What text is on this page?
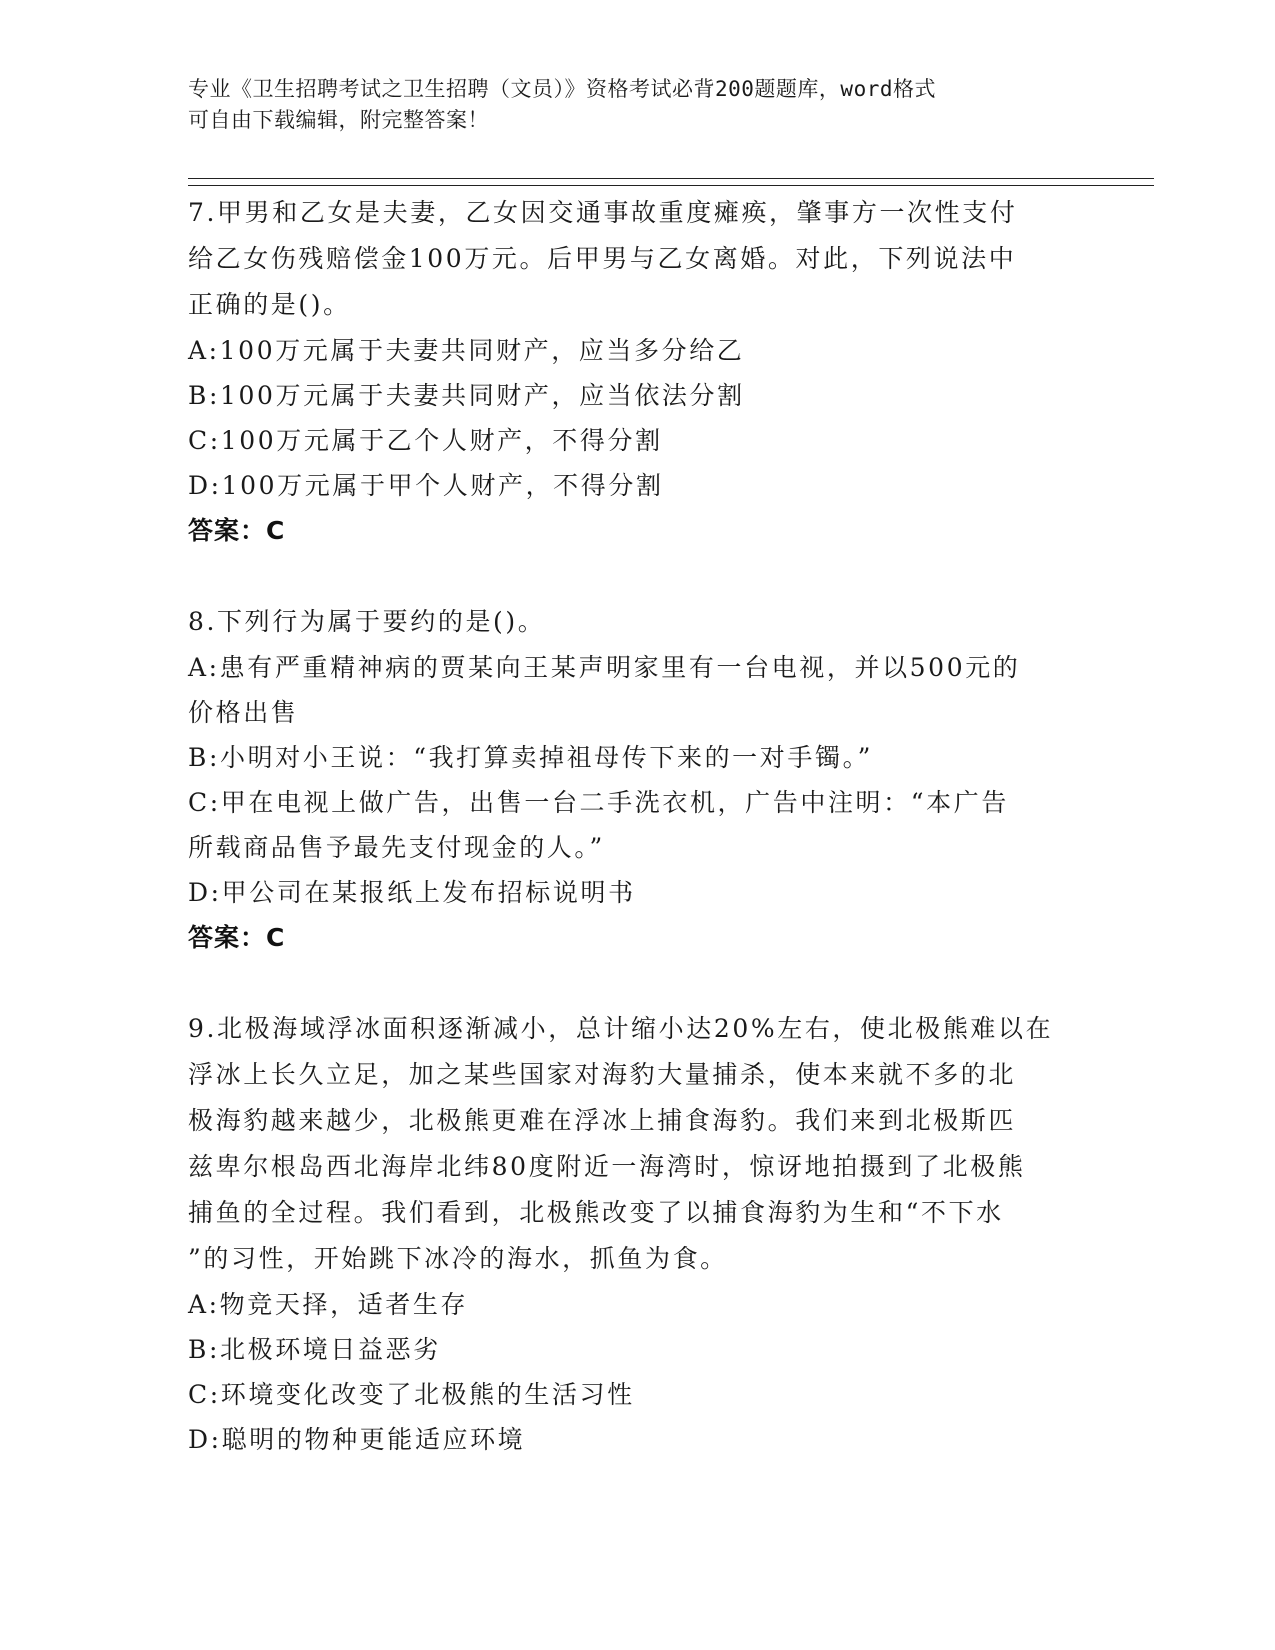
专业《卫生招聘考试之卫生招聘（文员）》资格考试必背200题题库，word格式
可自由下载编辑，附完整答案！
7.甲男和乙女是夫妻，乙女因交通事故重度瘫痪，肇事方一次性支付
给乙女伤残赔偿金100万元。后甲男与乙女离婚。对此，下列说法中
正确的是()。
A:100万元属于夫妻共同财产，应当多分给乙
B:100万元属于夫妻共同财产，应当依法分割
C:100万元属于乙个人财产，不得分割
D:100万元属于甲个人财产，不得分割
答案：C
8.下列行为属于要约的是()。
A:患有严重精神病的贾某向王某声明家里有一台电视，并以500元的
价格出售
B:小明对小王说：“我打算卖掉祖母传下来的一对手镯。”
C:甲在电视上做广告，出售一台二手洗衣机，广告中注明：“本广告
所载商品售予最先支付现金的人。”
D:甲公司在某报纸上发布招标说明书
答案：C
9.北极海域浮冰面积逐渐减小，总计缩小达20%左右，使北极熊难以在
浮冰上长久立足，加之某些国家对海豹大量捕杀，使本来就不多的北
极海豹越来越少，北极熊更难在浮冰上捕食海豹。我们来到北极斯匹
兹卑尔根岛西北海岸北纬80度附近一海湾时，惊讶地拍摄到了北极熊
捕鱼的全过程。我们看到，北极熊改变了以捕食海豹为生和“不下水
”的习性，开始跳下冰冷的海水，抓鱼为食。
A:物竞天择，适者生存
B:北极环境日益恶劣
C:环境变化改变了北极熊的生活习性
D:聪明的物种更能适应环境
